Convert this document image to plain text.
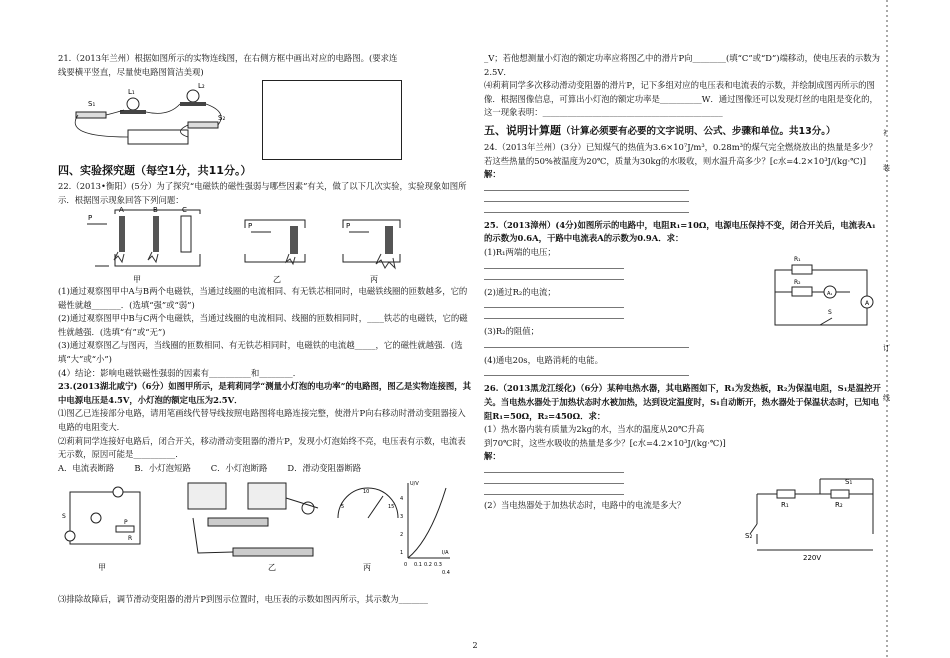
21.（2013年兰州）根据如图所示的实物连线图，在右侧方框中画出对应的电路图。(要求连线要横平竖直，尽量使电路图简洁美观)

S₁
L₁
L₂
S₂

四、实验探究题（每空1分，共11分。）

22.（2013•衡阳）(5分）为了探究“电磁铁的磁性强弱与哪些因素”有关，做了以下几次实验，实验现象如图所示．根据图示现象回答下列问题：

P
A	B	C
甲
P
乙
P
丙

(1)通过观察图甲中A与B两个电磁铁，当通过线圈的电流相同、有无铁芯相同时，电磁铁线圈的匝数越多，它的磁性就越_______．(选填“强”或“弱”)

(2)通过观察图甲中B与C两个电磁铁，当通过线圈的电流相同、线圈的匝数相同时，____铁芯的电磁铁，它的磁性就越强．(选填“有”或“无”)

(3)通过观察图乙与图丙，当线圈的匝数相同、有无铁芯相同时，电磁铁的电流越_____，它的磁性就越强．(选填“大”或“小”)

(4）结论：影响电磁铁磁性强弱的因素有__________和________．

23.(2013湖北咸宁)（6分）如图甲所示，是莉莉同学“测量小灯泡的电功率”的电路图，图乙是实物连接图，其中电源电压是4.5V，小灯泡的额定电压为2.5V．

⑴图乙已连接部分电路，请用笔画线代替导线按照电路图将电路连接完整，使滑片P向右移动时滑动变阻器接入电路的电阻变大．

⑵莉莉同学连接好电路后，闭合开关，移动滑动变阻器的滑片P，发现小灯泡始终不亮，电压表有示数，电流表无示数，原因可能是__________．

A．电流表断路 B．小灯泡短路 C．小灯泡断路 D．滑动变阻器断路

S
P
R
甲	乙
5
10
15
丙
U/V
4
3
2
1
0 0.1 0.2 0.3
0.4
I/A

⑶排除故障后，调节滑动变阻器的滑片P到图示位置时，电压表的示数如图丙所示，其示数为_______

_V；若他想测量小灯泡的额定功率应将图乙中的滑片P向________(填“C”或“D”)端移动，使电压表的示数为2.5V．

⑷莉莉同学多次移动滑动变阻器的滑片P，记下多组对应的电压表和电流表的示数，并绘制成图丙所示的图像．根据图像信息，可算出小灯泡的额定功率是__________W．通过图像还可以发现灯丝的电阻是变化的，这一现象表明：___________________________________________

五、说明计算题（计算必须要有必要的文字说明、公式、步骤和单位。共13分。）

24.（2013年兰州）(3分）已知煤气的热值为3.6×10⁷J/m³，0.28m³的煤气完全燃烧放出的热量是多少？若这些热量的50%被温度为20℃，质量为30kg的水吸收，则水温升高多少？[c水=4.2×10³J/(kg·℃)]

解：

25.（2013漳州）(4分)如图所示的电路中，电阻R₁=10Ω，电源电压保持不变，闭合开关后，电流表A₁的示数为0.6A，干路中电流表A的示数为0.9A．求：

(1)R₁两端的电压；

(2)通过R₂的电流；

(3)R₂的阻值；

(4)通电20s，电路消耗的电能。

26.（2013黑龙江绥化)（6分）某种电热水器，其电路图如下，R₁为发热板，R₂为保温电阻，S₁是温控开关。当电热水器处于加热状态时水被加热，达到设定温度时，S₁自动断开，热水器处于保温状态时，已知电阻R₁=50Ω，R₂=450Ω．求：

(1）热水器内装有质量为2kg的水，当水的温度从20℃升高

到70℃时，这些水吸收的热量是多少？[c水=4.2×10³J/(kg·℃)]

解：

(2）当电热器处于加热状态时，电路中的电流是多大？

R₁
R₂
A₁
A
S
S₁
R₁	R₂
S₂
220V
衤
装
订
线
2
